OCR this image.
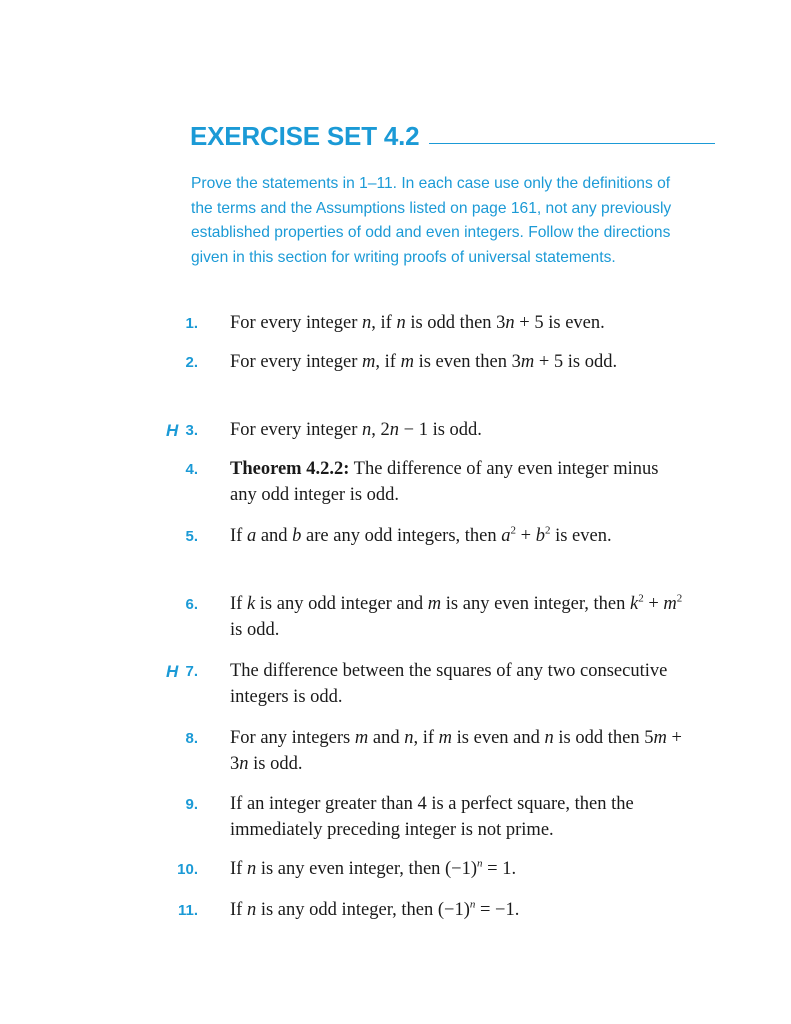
EXERCISE SET 4.2
Prove the statements in 1–11. In each case use only the definitions of the terms and the Assumptions listed on page 161, not any previously established properties of odd and even integers. Follow the directions given in this section for writing proofs of universal statements.
1. For every integer n, if n is odd then 3n + 5 is even.
2. For every integer m, if m is even then 3m + 5 is odd.
H 3. For every integer n, 2n − 1 is odd.
4. Theorem 4.2.2: The difference of any even integer minus any odd integer is odd.
5. If a and b are any odd integers, then $a^2 + b^2$ is even.
6. If k is any odd integer and m is any even integer, then $k^2 + m^2$ is odd.
H 7. The difference between the squares of any two consecutive integers is odd.
8. For any integers m and n, if m is even and n is odd then 5m + 3n is odd.
9. If an integer greater than 4 is a perfect square, then the immediately preceding integer is not prime.
10. If n is any even integer, then $(-1)^n = 1$.
11. If n is any odd integer, then $(-1)^n = -1$.
